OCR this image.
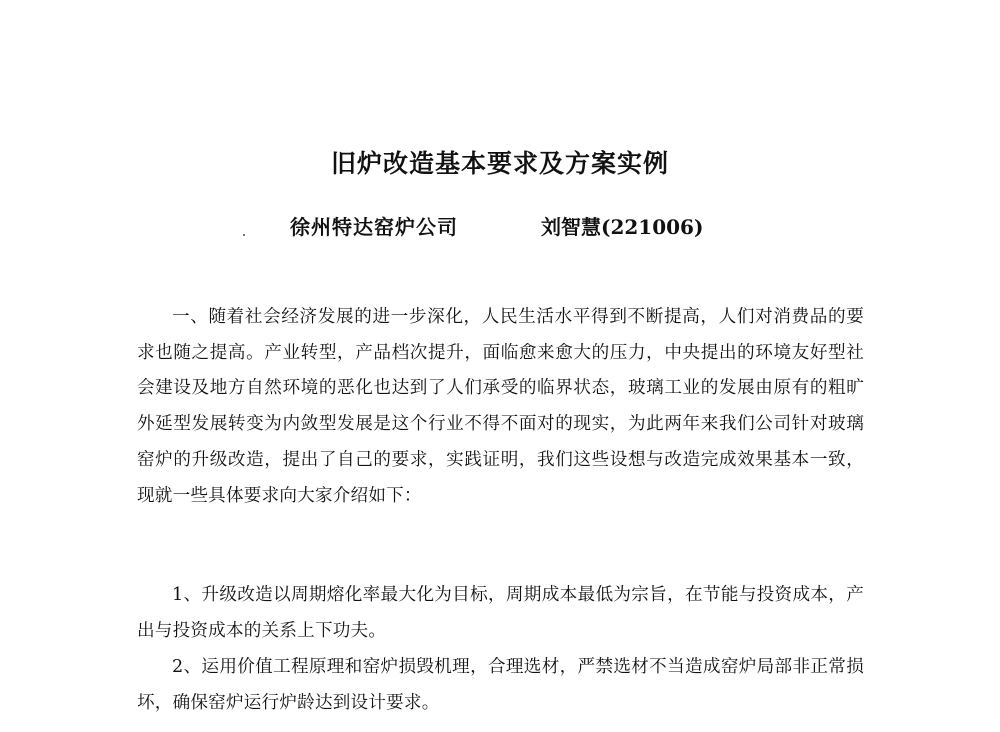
旧炉改造基本要求及方案实例
徐州特达窑炉公司	刘智慧(221006)

一、随着社会经济发展的进一步深化，人民生活水平得到不断提高，人们对消费品的要求也随之提高。产业转型，产品档次提升，面临愈来愈大的压力，中央提出的环境友好型社会建设及地方自然环境的恶化也达到了人们承受的临界状态，玻璃工业的发展由原有的粗旷外延型发展转变为内敛型发展是这个行业不得不面对的现实，为此两年来我们公司针对玻璃窑炉的升级改造，提出了自己的要求，实践证明，我们这些设想与改造完成效果基本一致，现就一些具体要求向大家介绍如下：

1、升级改造以周期熔化率最大化为目标，周期成本最低为宗旨，在节能与投资成本，产出与投资成本的关系上下功夫。

2、运用价值工程原理和窑炉损毁机理，合理选材，严禁选材不当造成窑炉局部非正常损坏，确保窑炉运行炉龄达到设计要求。
